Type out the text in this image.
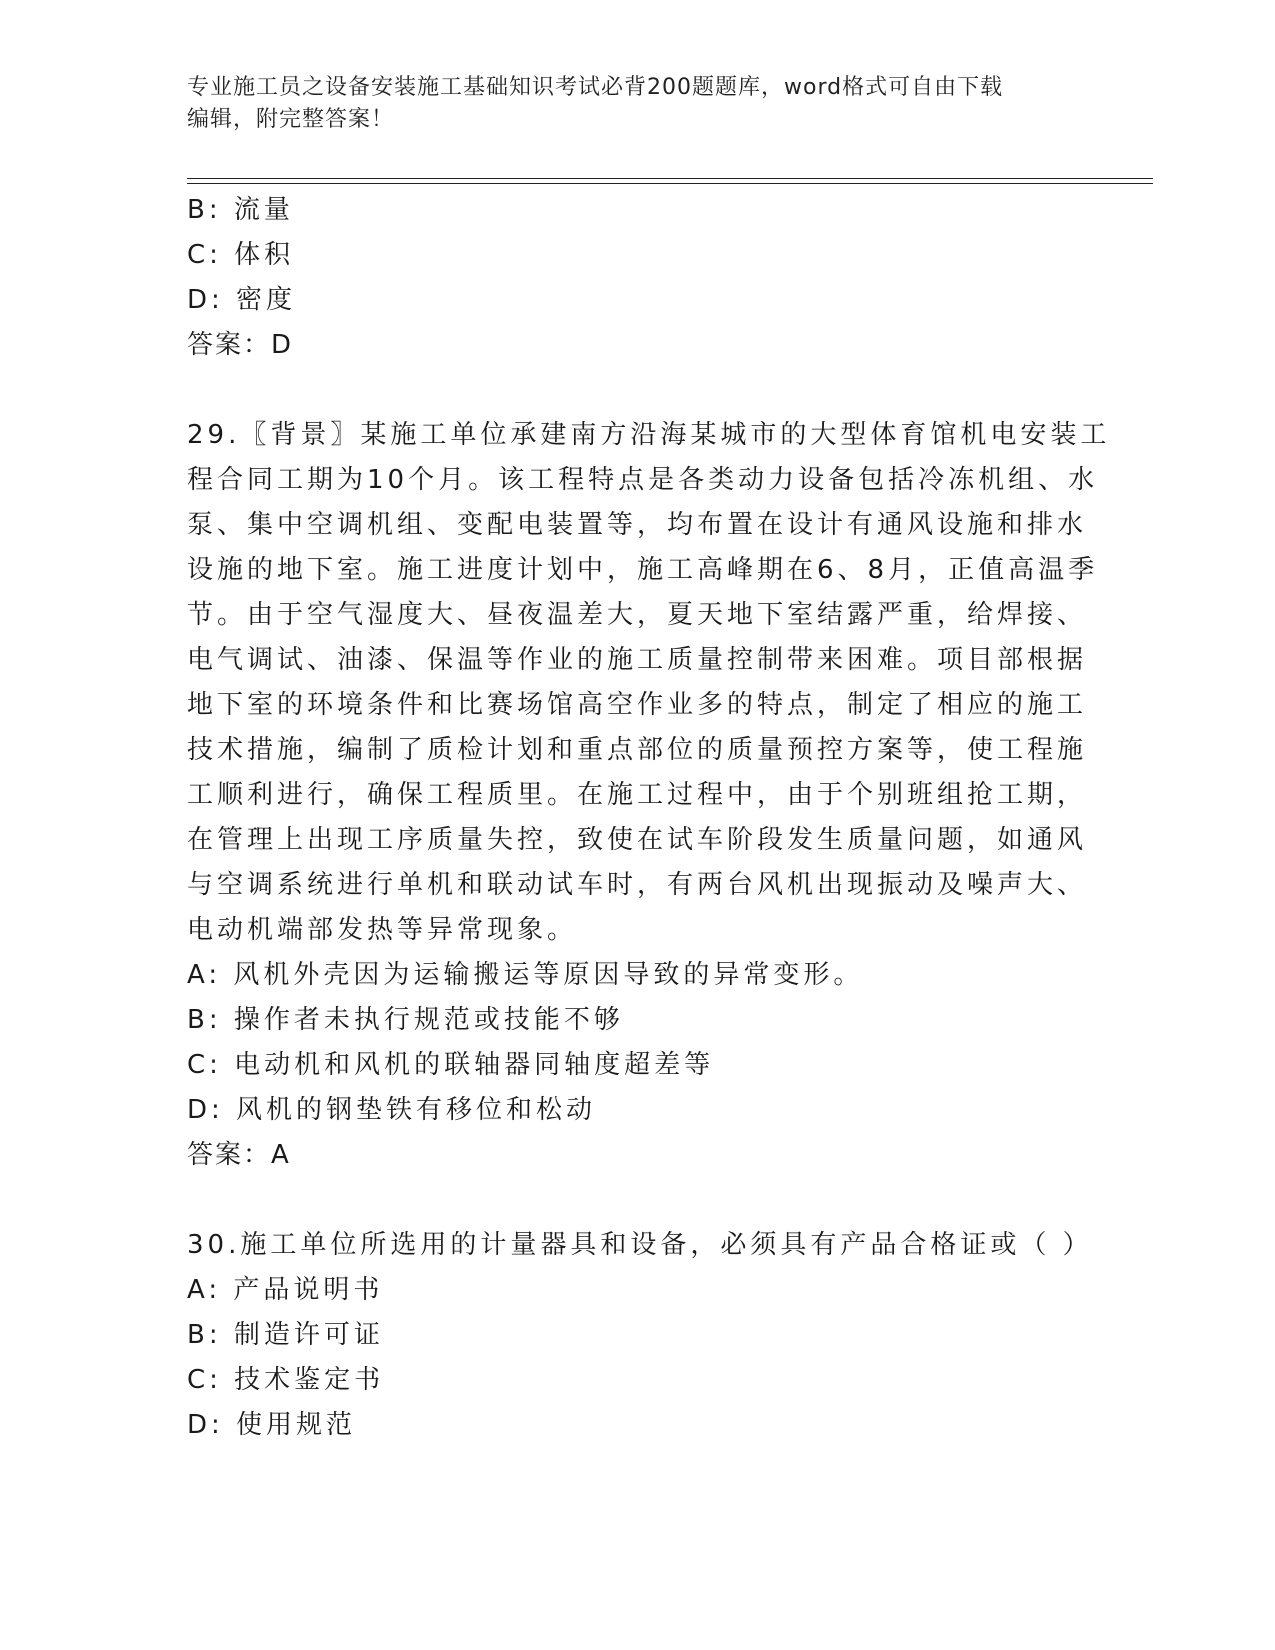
专业施工员之设备安装施工基础知识考试必背200题题库，word格式可自由下载
编辑，附完整答案！
B: 流量
C: 体积
D: 密度
答案：D
29.〖背景〗某施工单位承建南方沿海某城市的大型体育馆机电安装工
程合同工期为10个月。该工程特点是各类动力设备包括冷冻机组、水
泵、集中空调机组、变配电装置等，均布置在设计有通风设施和排水
设施的地下室。施工进度计划中，施工高峰期在6、8月，正值高温季
节。由于空气湿度大、昼夜温差大，夏天地下室结露严重，给焊接、
电气调试、油漆、保温等作业的施工质量控制带来困难。项目部根据
地下室的环境条件和比赛场馆高空作业多的特点，制定了相应的施工
技术措施，编制了质检计划和重点部位的质量预控方案等，使工程施
工顺利进行，确保工程质里。在施工过程中，由于个别班组抢工期，
在管理上出现工序质量失控，致使在试车阶段发生质量问题，如通风
与空调系统进行单机和联动试车时，有两台风机出现振动及噪声大、
电动机端部发热等异常现象。
A: 风机外壳因为运输搬运等原因导致的异常变形。
B: 操作者未执行规范或技能不够
C: 电动机和风机的联轴器同轴度超差等
D: 风机的钢垫铁有移位和松动
答案：A
30.施工单位所选用的计量器具和设备，必须具有产品合格证或（ ）
A: 产品说明书
B: 制造许可证
C: 技术鉴定书
D: 使用规范
